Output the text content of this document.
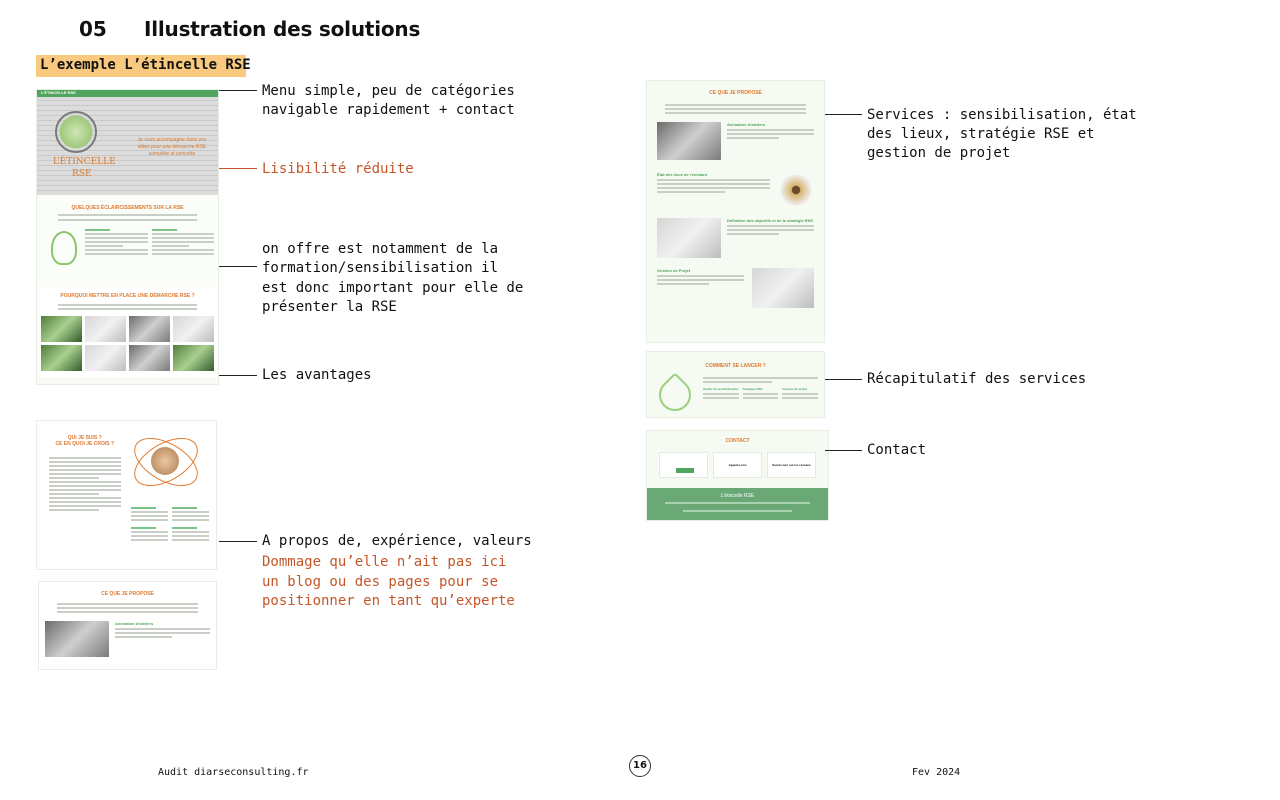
05 Illustration des solutions
L’exemple L’étincelle RSE
L’ÉTINCELLE RSE
L’ÉTINCELLE
RSE
Je vous accompagne dans vos idées pour une démarche RSE complète et concrète
QUELQUES ÉCLAIRCISSEMENTS SUR LA RSE
POURQUOI METTRE EN PLACE UNE DÉMARCHE RSE ?
QUI JE SUIS ?
CE EN QUOI JE CROIS ?
CE QUE JE PROPOSE
Animation d’ateliers
CE QUE JE PROPOSE
Animation d’ateliers
État des lieux de l’existant
Définition des objectifs et de la stratégie RSE
Gestion de Projet
COMMENT SE LANCER ?
Atelier de sensibilisation Stratégie RSE	Gestion de projet
CONTACT
Appelez-moi	Suivez-moi sur les réseaux
L’étincelle RSE
Menu simple, peu de catégories
navigable rapidement + contact
Lisibilité réduite
on offre est notamment de la
formation/sensibilisation il
est donc important pour elle de
présenter la RSE
Les avantages
A propos de, expérience, valeurs
Dommage qu’elle n’ait pas ici
un blog ou des pages pour se
positionner en tant qu’experte
Services : sensibilisation, état
des lieux, stratégie RSE et
gestion de projet
Récapitulatif des services
Contact
Audit diarseconsulting.fr
16
Fev 2024
